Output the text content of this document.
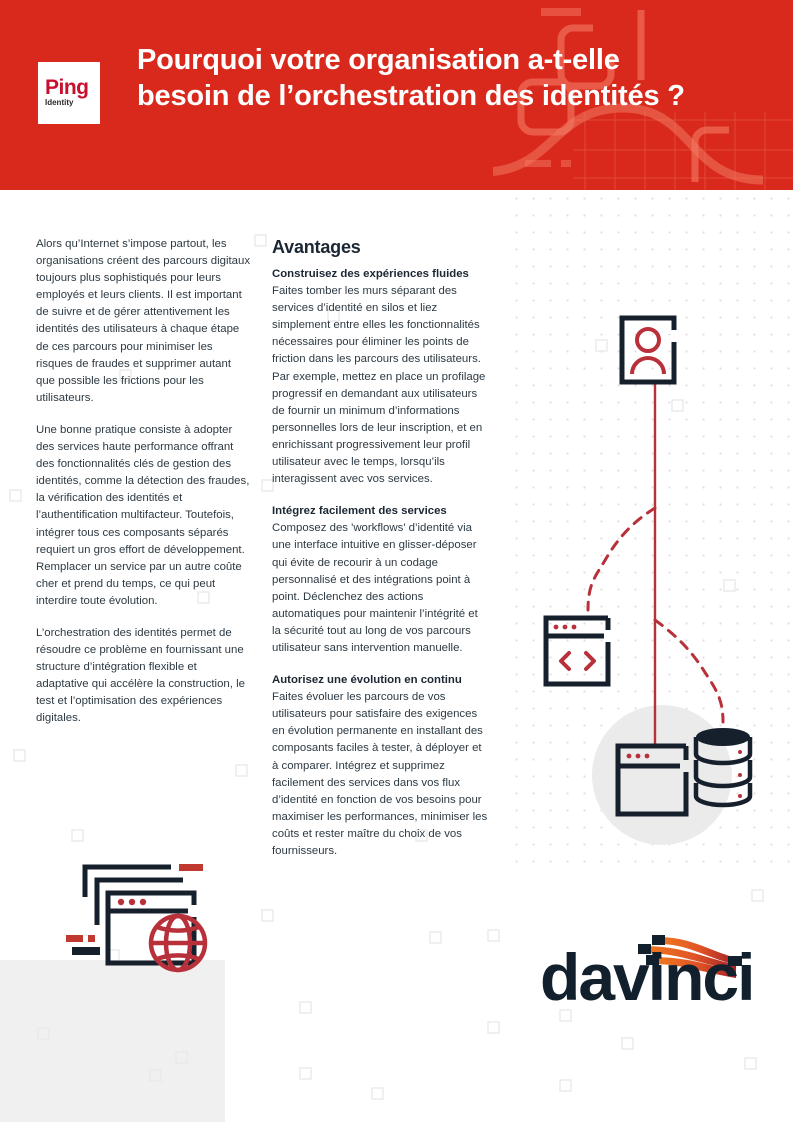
Ping
Identity
Pourquoi votre organisation a-t-elle besoin de l’orchestration des identités ?

Alors qu’Internet s’impose partout, les organisations créent des parcours digitaux toujours plus sophistiqués pour leurs employés et leurs clients. Il est important de suivre et de gérer attentivement les identités des utilisateurs à chaque étape de ces parcours pour minimiser les risques de fraudes et supprimer autant que possible les frictions pour les utilisateurs.

Une bonne pratique consiste à adopter des services haute performance offrant des fonctionnalités clés de gestion des identités, comme la détection des fraudes, la vérification des identités et l’authentification multifacteur. Toutefois, intégrer tous ces composants séparés requiert un gros effort de développement. Remplacer un service par un autre coûte cher et prend du temps, ce qui peut interdire toute évolution.

L’orchestration des identités permet de résoudre ce problème en fournissant une structure d’intégration flexible et adaptative qui accélère la construction, le test et l’optimisation des expériences digitales.

Avantages

Construisez des expériences fluides Faites tomber les murs séparant des services d’identité en silos et liez simplement entre elles les fonctionnalités nécessaires pour éliminer les points de friction dans les parcours des utilisateurs. Par exemple, mettez en place un profilage progressif en demandant aux utilisateurs de fournir un minimum d’informations personnelles lors de leur inscription, et en enrichissant progressivement leur profil utilisateur avec le temps, lorsqu’ils interagissent avec vos services.

Intégrez facilement des services Composez des 'workflows' d’identité via une interface intuitive en glisser-déposer qui évite de recourir à un codage personnalisé et des intégrations point à point. Déclenchez des actions automatiques pour maintenir l’intégrité et la sécurité tout au long de vos parcours utilisateur sans intervention manuelle.

Autorisez une évolution en continu Faites évoluer les parcours de vos utilisateurs pour satisfaire des exigences en évolution permanente en installant des composants faciles à tester, à déployer et à comparer. Intégrez et supprimez facilement des services dans vos flux d’identité en fonction de vos besoins pour maximiser les performances, minimiser les coûts et rester maître du choix de vos fournisseurs.

davinci
